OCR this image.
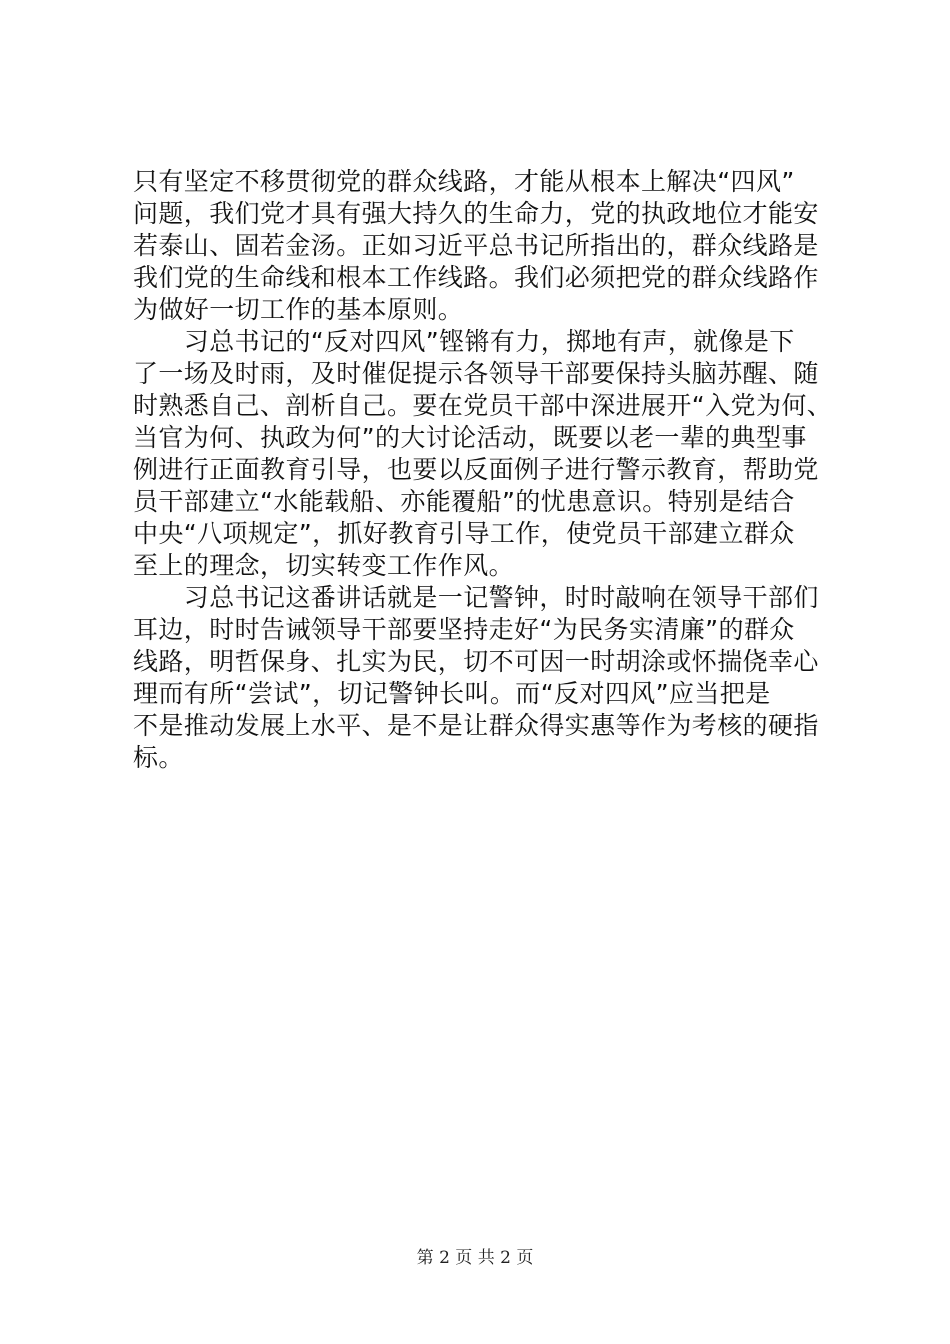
只有坚定不移贯彻党的群众线路，才能从根本上解决“四风”
问题，我们党才具有强大持久的生命力，党的执政地位才能安
若泰山、固若金汤。正如习近平总书记所指出的，群众线路是
我们党的生命线和根本工作线路。我们必须把党的群众线路作
为做好一切工作的基本原则。
　　习总书记的“反对四风”铿锵有力，掷地有声，就像是下
了一场及时雨，及时催促提示各领导干部要保持头脑苏醒、随
时熟悉自己、剖析自己。要在党员干部中深进展开“入党为何、
当官为何、执政为何”的大讨论活动，既要以老一辈的典型事
例进行正面教育引导，也要以反面例子进行警示教育，帮助党
员干部建立“水能载船、亦能覆船”的忧患意识。特别是结合
中央“八项规定”，抓好教育引导工作，使党员干部建立群众
至上的理念，切实转变工作作风。
　　习总书记这番讲话就是一记警钟，时时敲响在领导干部们
耳边，时时告诫领导干部要坚持走好“为民务实清廉”的群众
线路，明哲保身、扎实为民，切不可因一时胡涂或怀揣侥幸心
理而有所“尝试”，切记警钟长叫。而“反对四风”应当把是
不是推动发展上水平、是不是让群众得实惠等作为考核的硬指
标。
第 2 页 共 2 页
